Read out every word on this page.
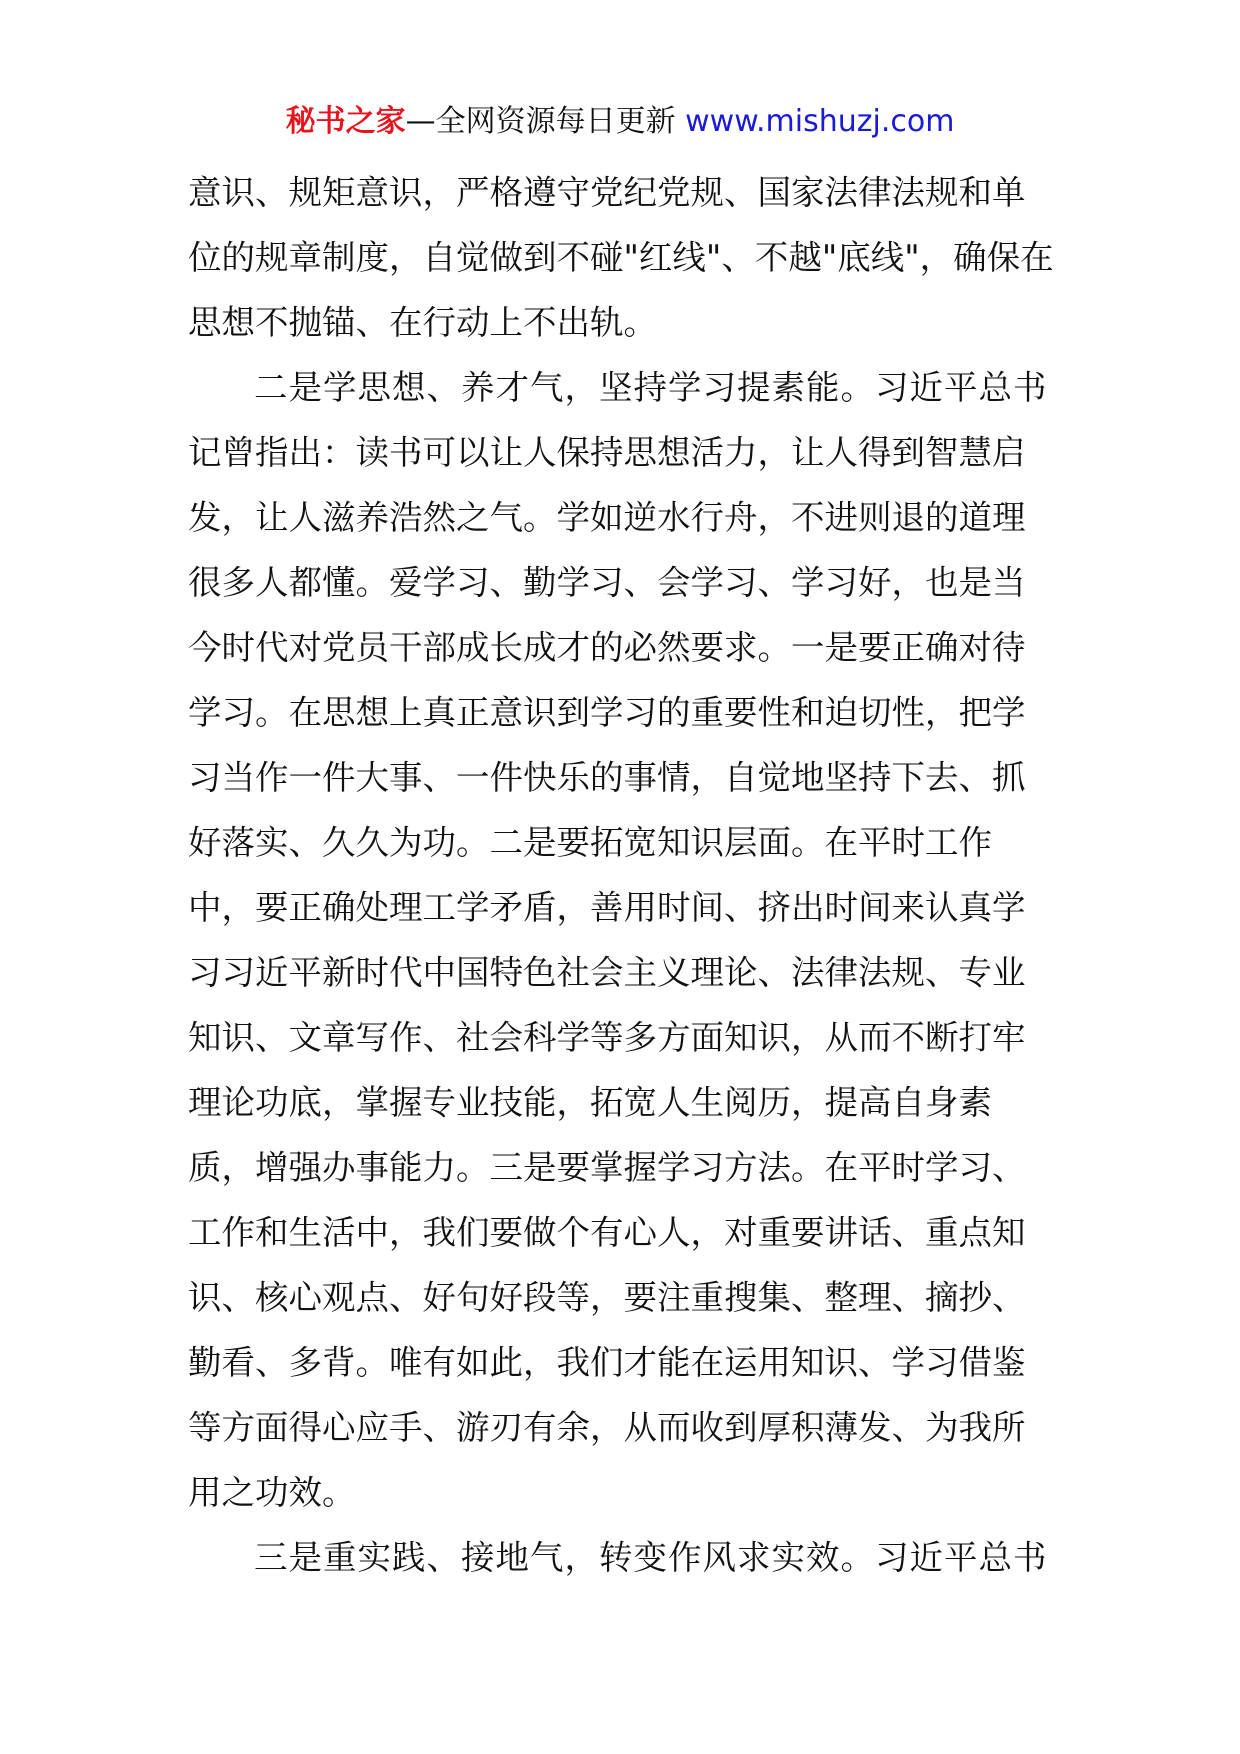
秘书之家—全网资源每日更新 www.mishuzj.com
意识、规矩意识，严格遵守党纪党规、国家法律法规和单
位的规章制度，自觉做到不碰"红线"、不越"底线"，确保在
思想不抛锚、在行动上不出轨。
二是学思想、养才气，坚持学习提素能。习近平总书
记曾指出：读书可以让人保持思想活力，让人得到智慧启
发，让人滋养浩然之气。学如逆水行舟，不进则退的道理
很多人都懂。爱学习、勤学习、会学习、学习好，也是当
今时代对党员干部成长成才的必然要求。一是要正确对待
学习。在思想上真正意识到学习的重要性和迫切性，把学
习当作一件大事、一件快乐的事情，自觉地坚持下去、抓
好落实、久久为功。二是要拓宽知识层面。在平时工作
中，要正确处理工学矛盾，善用时间、挤出时间来认真学
习习近平新时代中国特色社会主义理论、法律法规、专业
知识、文章写作、社会科学等多方面知识，从而不断打牢
理论功底，掌握专业技能，拓宽人生阅历，提高自身素
质，增强办事能力。三是要掌握学习方法。在平时学习、
工作和生活中，我们要做个有心人，对重要讲话、重点知
识、核心观点、好句好段等，要注重搜集、整理、摘抄、
勤看、多背。唯有如此，我们才能在运用知识、学习借鉴
等方面得心应手、游刃有余，从而收到厚积薄发、为我所
用之功效。
三是重实践、接地气，转变作风求实效。习近平总书
